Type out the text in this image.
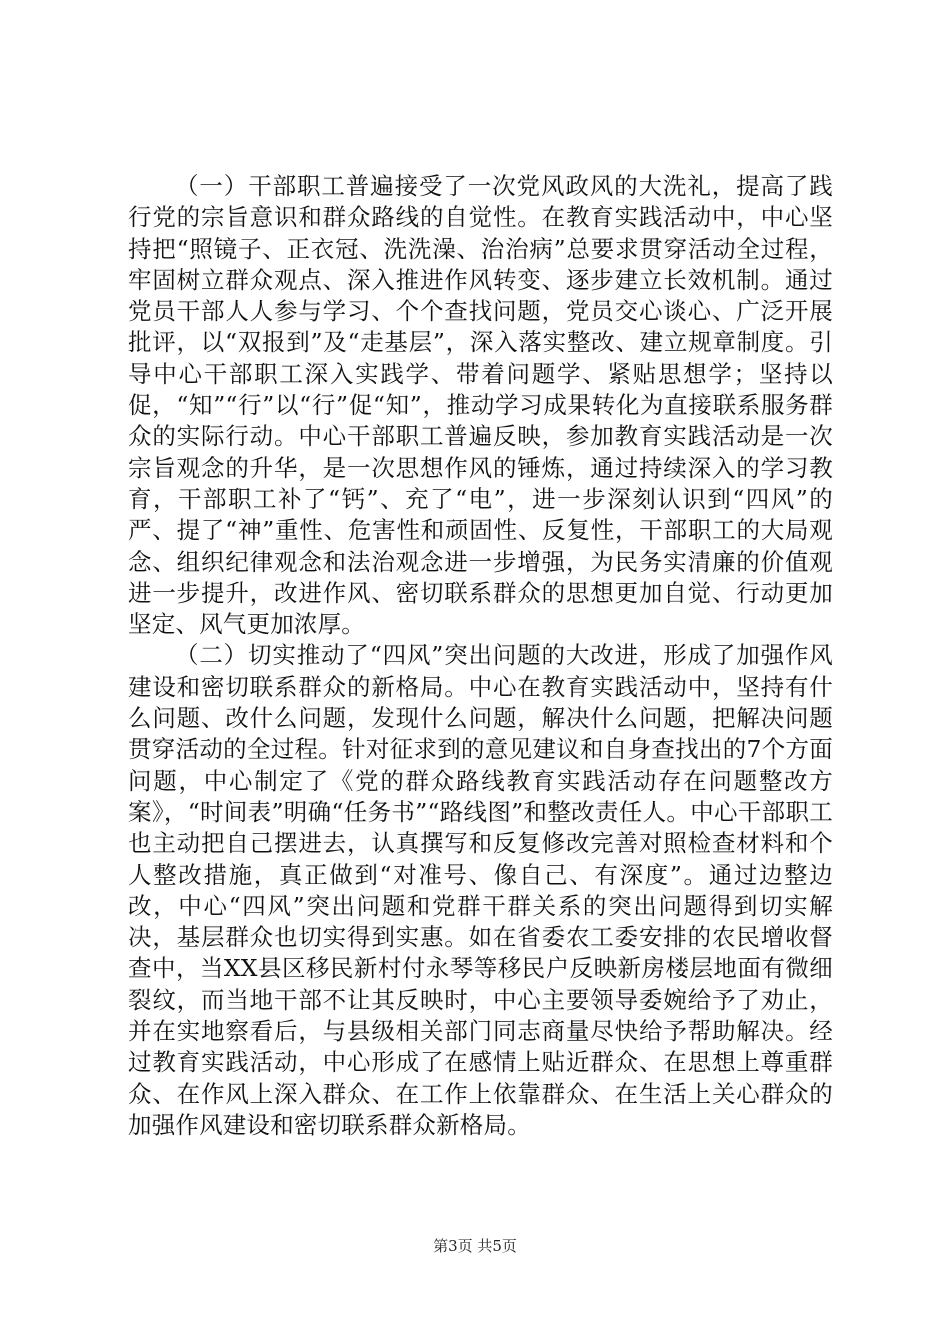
（一）干部职工普遍接受了一次党风政风的大洗礼，提高了践行党的宗旨意识和群众路线的自觉性。在教育实践活动中，中心坚持把“照镜子、正衣冠、洗洗澡、治治病”总要求贯穿活动全过程，牢固树立群众观点、深入推进作风转变、逐步建立长效机制。通过党员干部人人参与学习、个个查找问题，党员交心谈心、广泛开展批评，以“双报到”及“走基层”，深入落实整改、建立规章制度。引导中心干部职工深入实践学、带着问题学、紧贴思想学；坚持以促，“知”“行”以“行”促“知”，推动学习成果转化为直接联系服务群众的实际行动。中心干部职工普遍反映，参加教育实践活动是一次宗旨观念的升华，是一次思想作风的锤炼，通过持续深入的学习教育，干部职工补了“钙”、充了“电”，进一步深刻认识到“四风”的严、提了“神”重性、危害性和顽固性、反复性，干部职工的大局观念、组织纪律观念和法治观念进一步增强，为民务实清廉的价值观进一步提升，改进作风、密切联系群众的思想更加自觉、行动更加坚定、风气更加浓厚。

（二）切实推动了“四风”突出问题的大改进，形成了加强作风建设和密切联系群众的新格局。中心在教育实践活动中，坚持有什么问题、改什么问题，发现什么问题，解决什么问题，把解决问题贯穿活动的全过程。针对征求到的意见建议和自身查找出的7个方面问题，中心制定了《党的群众路线教育实践活动存在问题整改方案》，“时间表”明确“任务书”“路线图”和整改责任人。中心干部职工也主动把自己摆进去，认真撰写和反复修改完善对照检查材料和个人整改措施，真正做到“对准号、像自己、有深度”。通过边整边改，中心“四风”突出问题和党群干群关系的突出问题得到切实解决，基层群众也切实得到实惠。如在省委农工委安排的农民增收督查中，当XX县区移民新村付永琴等移民户反映新房楼层地面有微细裂纹，而当地干部不让其反映时，中心主要领导委婉给予了劝止，并在实地察看后，与县级相关部门同志商量尽快给予帮助解决。经过教育实践活动，中心形成了在感情上贴近群众、在思想上尊重群众、在作风上深入群众、在工作上依靠群众、在生活上关心群众的加强作风建设和密切联系群众新格局。

第3页 共5页
